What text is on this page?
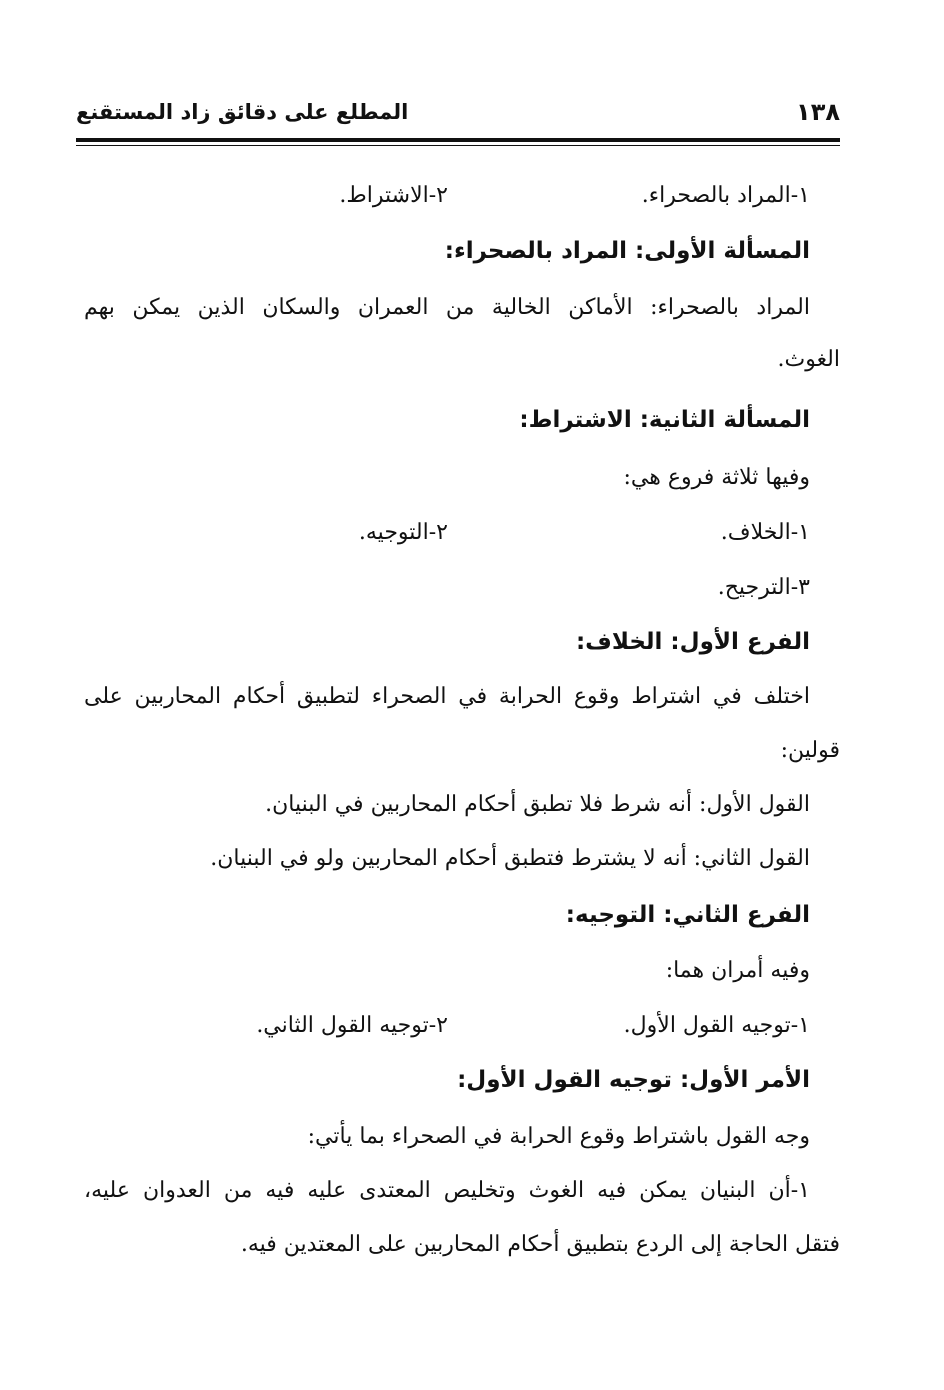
١٣٨
المطلع على دقائق زاد المستقنع
١-المراد بالصحراء.
٢-الاشتراط.
المسألة الأولى: المراد بالصحراء:
المراد بالصحراء: الأماكن الخالية من العمران والسكان الذين يمكن بهم
الغوث.
المسألة الثانية: الاشتراط:
وفيها ثلاثة فروع هي:
١-الخلاف.
٢-التوجيه.
٣-الترجيح.
الفرع الأول: الخلاف:
اختلف في اشتراط وقوع الحرابة في الصحراء لتطبيق أحكام المحاربين على
قولين:
القول الأول: أنه شرط فلا تطبق أحكام المحاربين في البنيان.
القول الثاني: أنه لا يشترط فتطبق أحكام المحاربين ولو في البنيان.
الفرع الثاني: التوجيه:
وفيه أمران هما:
١-توجيه القول الأول.
٢-توجيه القول الثاني.
الأمر الأول: توجيه القول الأول:
وجه القول باشتراط وقوع الحرابة في الصحراء بما يأتي:
١-أن البنيان يمكن فيه الغوث وتخليص المعتدى عليه فيه من العدوان عليه،
فتقل الحاجة إلى الردع بتطبيق أحكام المحاربين على المعتدين فيه.
